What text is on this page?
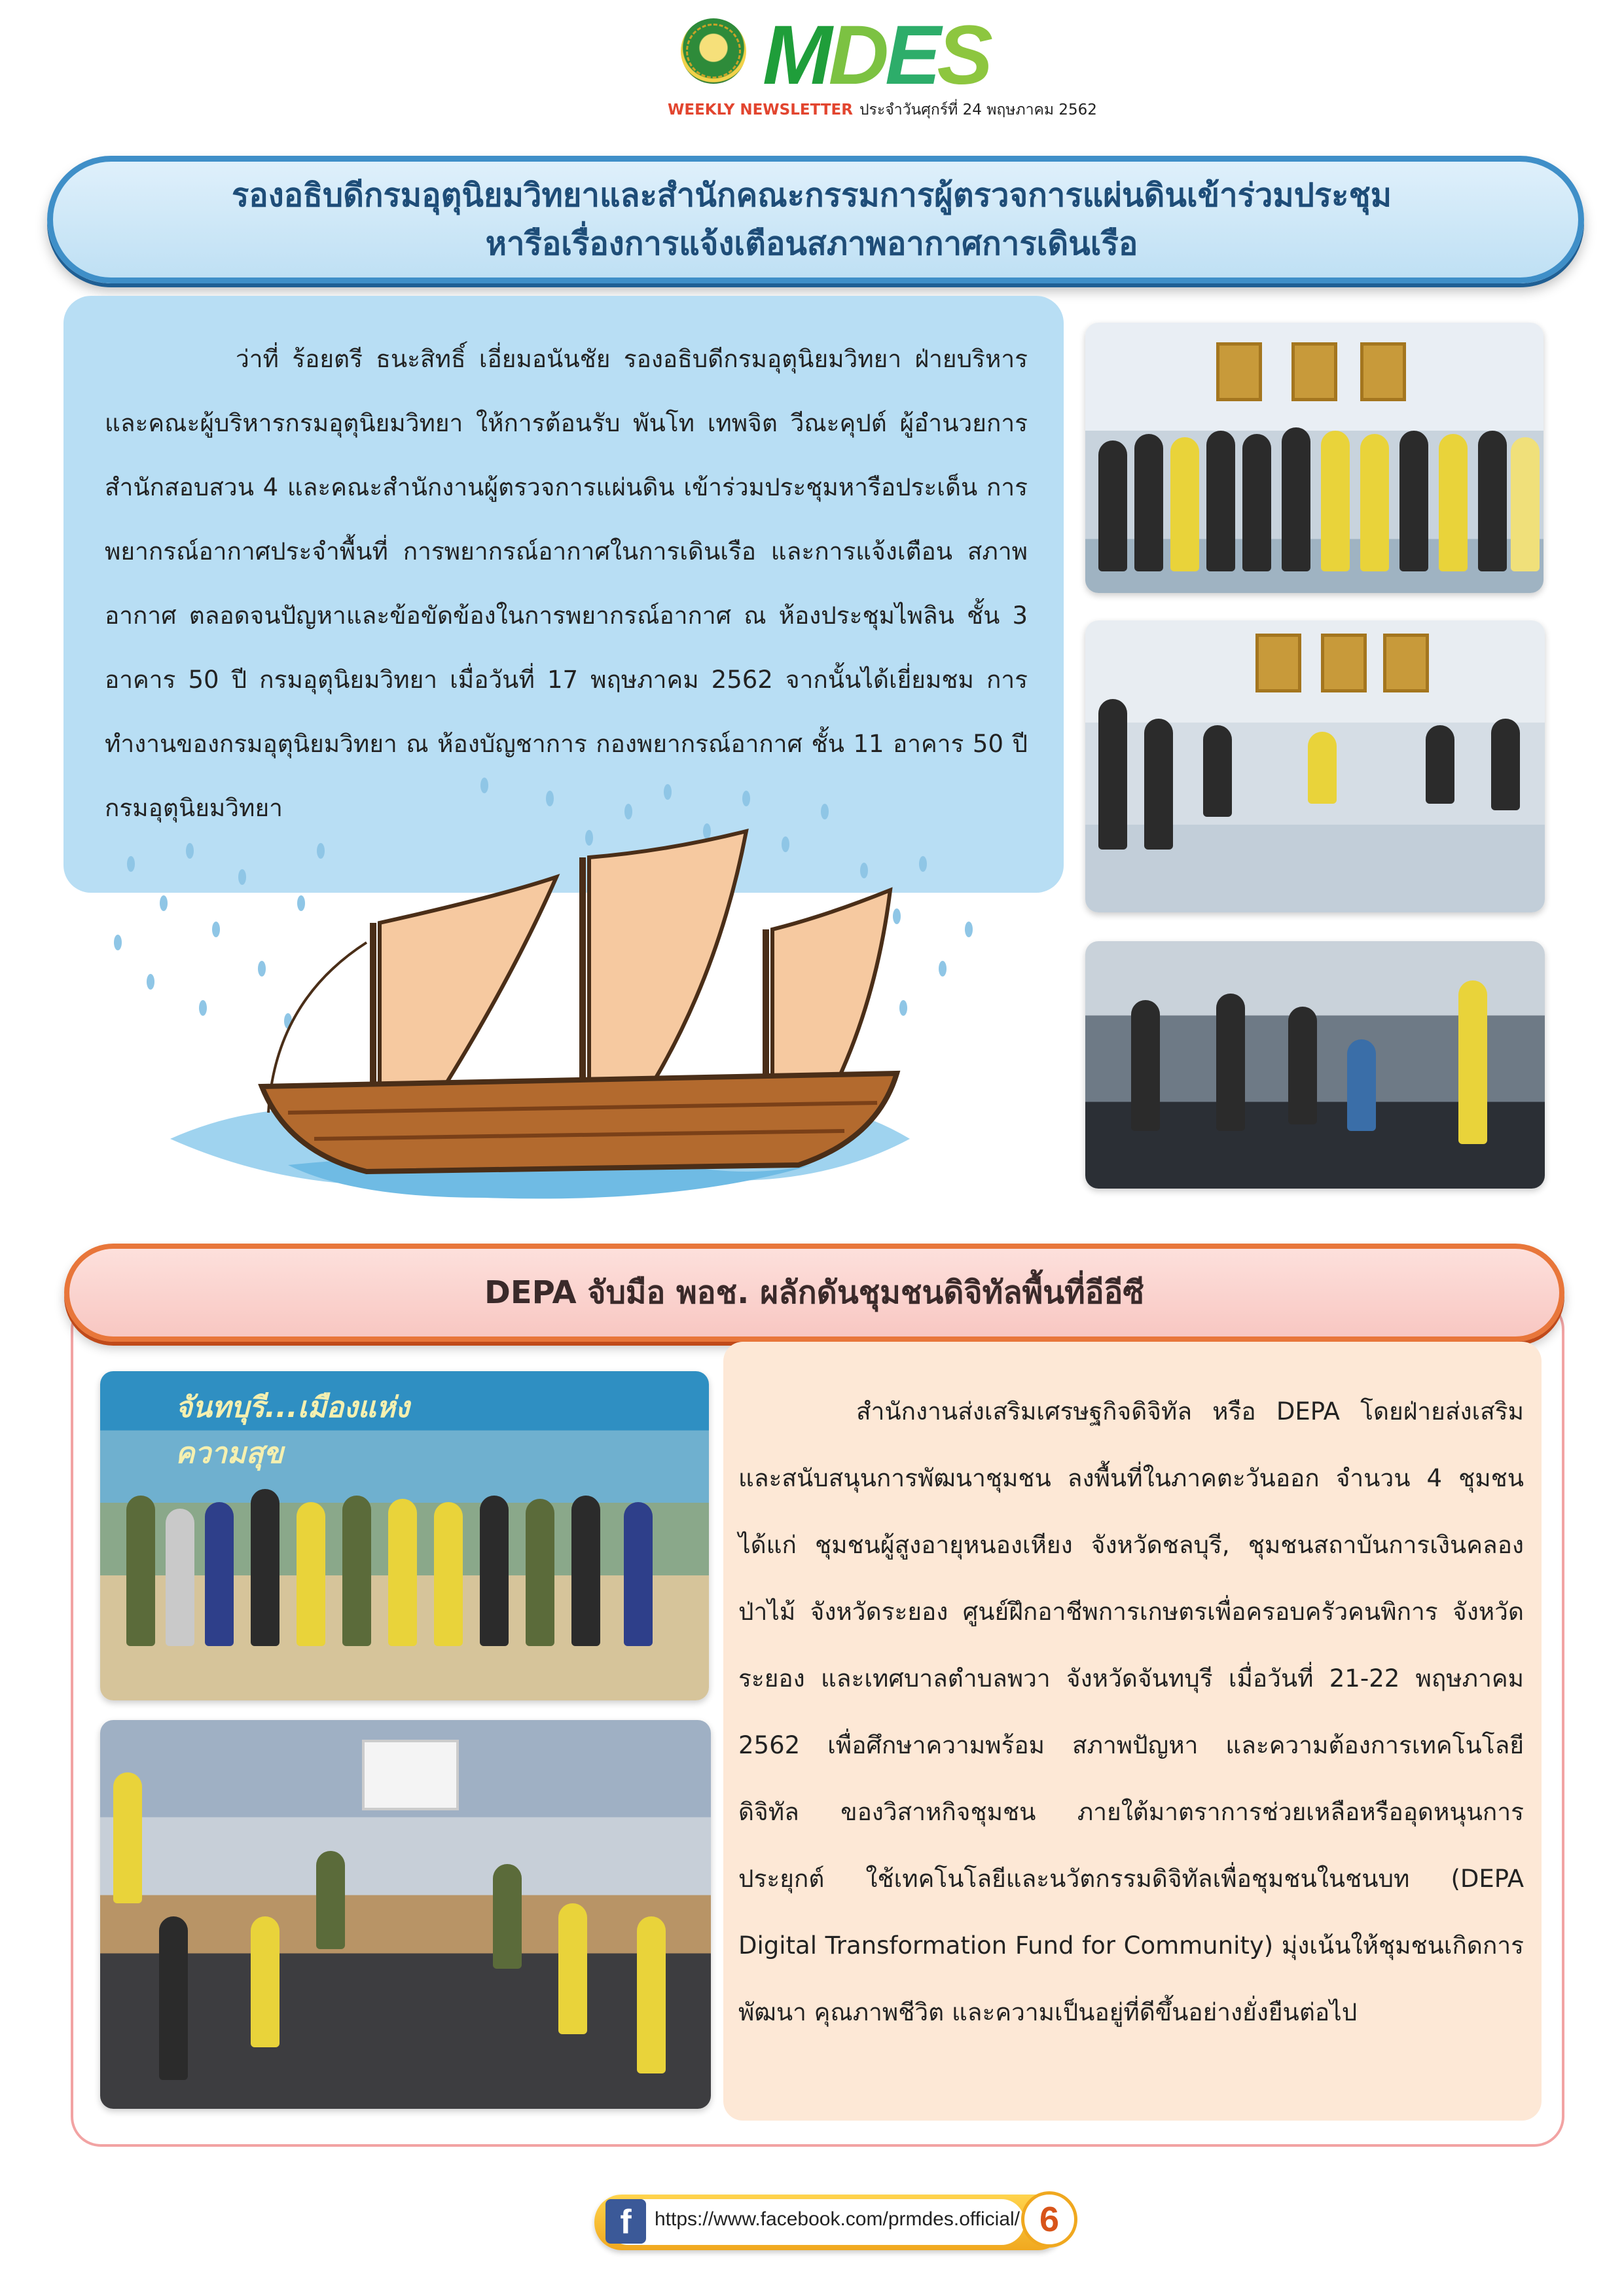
MDES
WEEKLY NEWSLETTER ประจำวันศุกร์ที่ 24 พฤษภาคม 2562
รองอธิบดีกรมอุตุนิยมวิทยาและสำนักคณะกรรมการผู้ตรวจการแผ่นดินเข้าร่วมประชุม
หารือเรื่องการแจ้งเตือนสภาพอากาศการเดินเรือ
ว่าที่ ร้อยตรี ธนะสิทธิ์ เอี่ยมอนันชัย รองอธิบดีกรมอุตุนิยมวิทยา ฝ่ายบริหาร และคณะผู้บริหารกรมอุตุนิยมวิทยา ให้การต้อนรับ พันโท เทพจิต วีณะคุปต์ ผู้อำนวยการ สำนักสอบสวน 4 และคณะสำนักงานผู้ตรวจการแผ่นดิน เข้าร่วมประชุมหารือประเด็น การพยากรณ์อากาศประจำพื้นที่ การพยากรณ์อากาศในการเดินเรือ และการแจ้งเตือน สภาพอากาศ ตลอดจนปัญหาและข้อขัดข้องในการพยากรณ์อากาศ ณ ห้องประชุมไพลิน ชั้น 3 อาคาร 50 ปี กรมอุตุนิยมวิทยา เมื่อวันที่ 17 พฤษภาคม 2562 จากนั้นได้เยี่ยมชม การทำงานของกรมอุตุนิยมวิทยา ณ ห้องบัญชาการ กองพยากรณ์อากาศ ชั้น 11 อาคาร 50 ปี กรมอุตุนิยมวิทยา
DEPA จับมือ พอช. ผลักดันชุมชนดิจิทัลพื้นที่อีอีซี
จันทบุรี...เมืองแห่งความสุข
สำนักงานส่งเสริมเศรษฐกิจดิจิทัล หรือ DEPA โดยฝ่ายส่งเสริม และสนับสนุนการพัฒนาชุมชน ลงพื้นที่ในภาคตะวันออก จำนวน 4 ชุมชน ได้แก่ ชุมชนผู้สูงอายุหนองเหียง จังหวัดชลบุรี, ชุมชนสถาบันการเงินคลอง ป่าไม้ จังหวัดระยอง ศูนย์ฝึกอาชีพการเกษตรเพื่อครอบครัวคนพิการ จังหวัด ระยอง และเทศบาลตำบลพวา จังหวัดจันทบุรี เมื่อวันที่ 21-22 พฤษภาคม 2562 เพื่อศึกษาความพร้อม สภาพปัญหา และความต้องการเทคโนโลยีดิจิทัล ของวิสาหกิจชุมชน ภายใต้มาตราการช่วยเหลือหรืออุดหนุนการประยุกต์ ใช้เทคโนโลยีและนวัตกรรมดิจิทัลเพื่อชุมชนในชนบท (DEPA Digital Transformation Fund for Community) มุ่งเน้นให้ชุมชนเกิดการพัฒนา คุณภาพชีวิต และความเป็นอยู่ที่ดีขึ้นอย่างยั่งยืนต่อไป
f	https://www.facebook.com/prmdes.official/ 6
